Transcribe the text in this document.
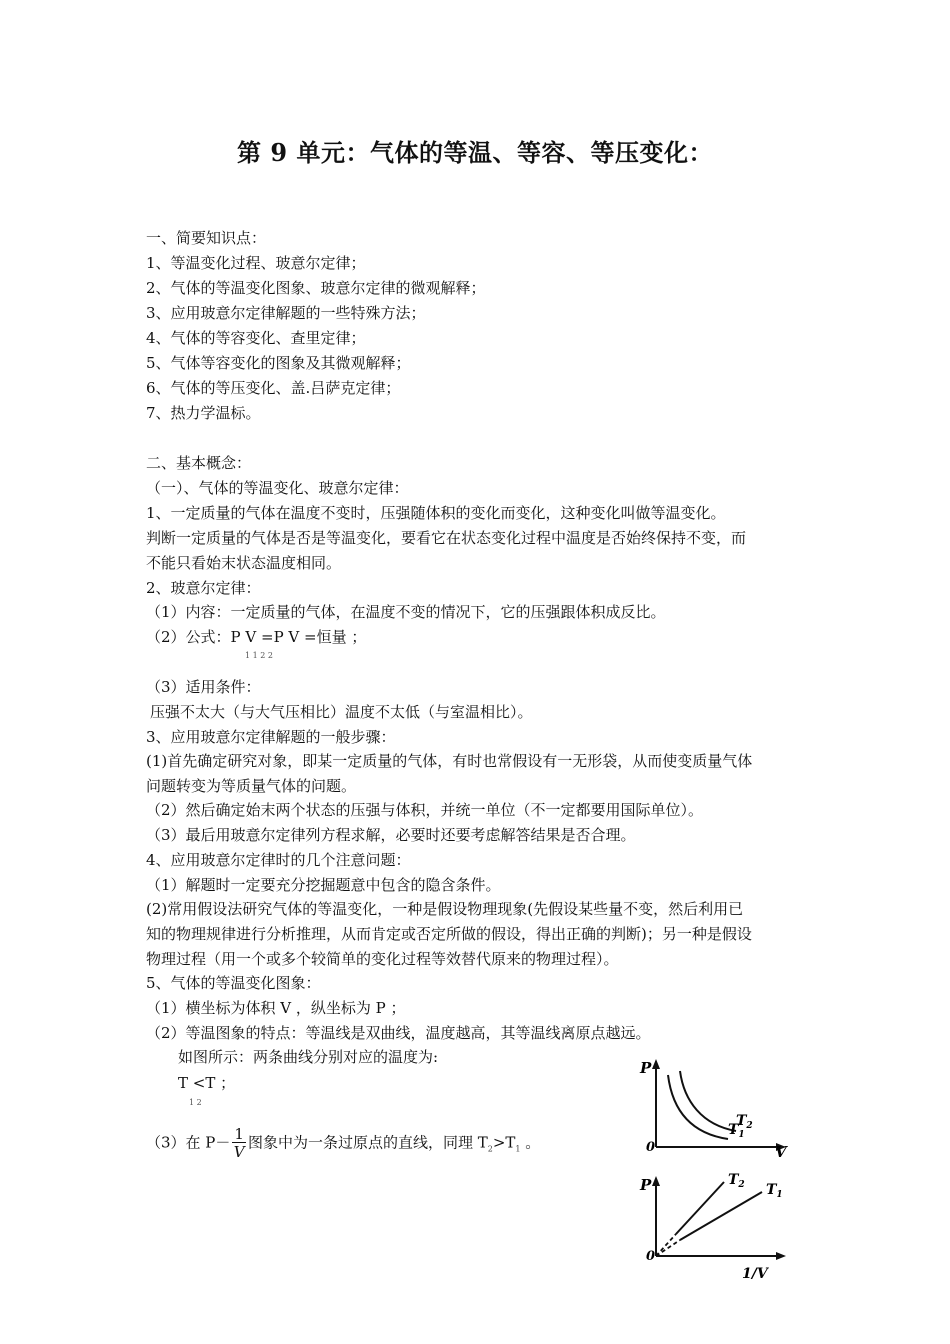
第 9 单元：气体的等温、等容、等压变化：
一、简要知识点：
1、等温变化过程、玻意尔定律；
2、气体的等温变化图象、玻意尔定律的微观解释；
3、应用玻意尔定律解题的一些特殊方法；
4、气体的等容变化、查里定律；
5、气体等容变化的图象及其微观解释；
6、气体的等压变化、盖.吕萨克定律；
7、热力学温标。
二、基本概念：
（一）、气体的等温变化、玻意尔定律：
1、一定质量的气体在温度不变时，压强随体积的变化而变化，这种变化叫做等温变化。
判断一定质量的气体是否是等温变化，要看它在状态变化过程中温度是否始终保持不变，而
不能只看始末状态温度相同。
2、玻意尔定律：
（1）内容：一定质量的气体，在温度不变的情况下，它的压强跟体积成反比。
（2）公式：P V =P V =恒量 ；
1 1 2 2
（3）适用条件：
压强不太大（与大气压相比）温度不太低（与室温相比）。
3、应用玻意尔定律解题的一般步骤：
(1)首先确定研究对象，即某一定质量的气体，有时也常假设有一无形袋，从而使变质量气体
问题转变为等质量气体的问题。
（2）然后确定始末两个状态的压强与体积，并统一单位（不一定都要用国际单位）。
（3）最后用玻意尔定律列方程求解，必要时还要考虑解答结果是否合理。
4、应用玻意尔定律时的几个注意问题：
（1）解题时一定要充分挖掘题意中包含的隐含条件。
(2)常用假设法研究气体的等温变化，一种是假设物理现象(先假设某些量不变，然后利用已
知的物理规律进行分析推理，从而肯定或否定所做的假设，得出正确的判断)；另一种是假设
物理过程（用一个或多个较简单的变化过程等效替代原来的物理过程）。
5、气体的等温变化图象：
（1）横坐标为体积 V ，纵坐标为 P ；
（2）等温图象的特点：等温线是双曲线，温度越高，其等温线离原点越远。
如图所示：两条曲线分别对应的温度为:
T <T ；
1 2
（3）在 $P- \frac{1}{V}$ 图象中为一条过原点的直线，同理 $T_2>T_1$ 。
P
0	V
$T_1$
$T_2$
P
0
1/V
$T_2$ $T_1$
